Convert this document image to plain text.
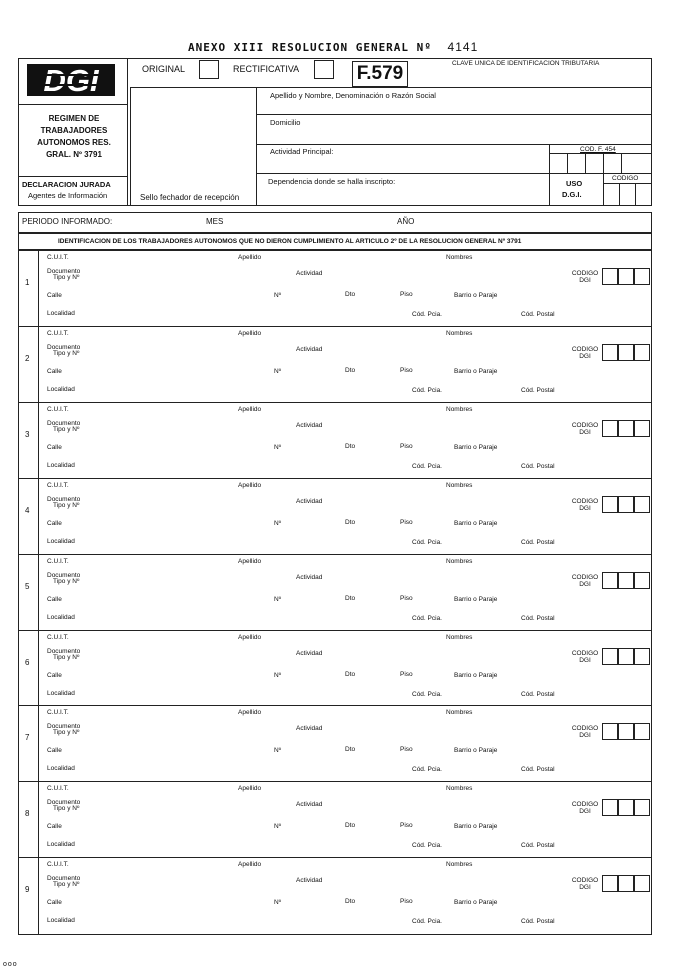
ANEXO XIII RESOLUCION GENERAL Nº 4141
DGI
REGIMEN DE
TRABAJADORES
AUTONOMOS RES.
GRAL. Nº 3791
DECLARACION JURADA
Agentes de Información
ORIGINAL	RECTIFICATIVA
Sello fechador de recepción
F.579	CLAVE UNICA DE IDENTIFICACION TRIBUTARIA
Apellido y Nombre, Denominación o Razón Social
Domicilio
Actividad Principal:	COD. F. 454
Dependencia donde se halla inscripto:	USO
D.G.I.
CODIGO
PERIODO INFORMADO:	MES	AÑO
IDENTIFICACION DE LOS TRABAJADORES AUTONOMOS QUE NO DIERON CUMPLIMIENTO AL ARTICULO 2º DE LA RESOLUCION GENERAL Nº 3791
1
C.U.I.T.	Apellido	Nombres
Documento
Tipo y Nº
Actividad
Calle	Nº	Dto	Piso	Barrio o Paraje
Localidad	Cód. Pcia.	Cód. Postal
CODIGO
DGI
2
C.U.I.T.	Apellido	Nombres
Documento
Tipo y Nº
Actividad
Calle	Nº	Dto	Piso	Barrio o Paraje
Localidad	Cód. Pcia.	Cód. Postal
CODIGO
DGI
3
C.U.I.T.	Apellido	Nombres
Documento
Tipo y Nº
Actividad
Calle	Nº	Dto	Piso	Barrio o Paraje
Localidad	Cód. Pcia.	Cód. Postal
CODIGO
DGI
4
C.U.I.T.	Apellido	Nombres
Documento
Tipo y Nº
Actividad
Calle	Nº	Dto	Piso	Barrio o Paraje
Localidad	Cód. Pcia.	Cód. Postal
CODIGO
DGI
5
C.U.I.T.	Apellido	Nombres
Documento
Tipo y Nº
Actividad
Calle	Nº	Dto	Piso	Barrio o Paraje
Localidad	Cód. Pcia.	Cód. Postal
CODIGO
DGI
6
C.U.I.T.	Apellido	Nombres
Documento
Tipo y Nº
Actividad
Calle	Nº	Dto	Piso	Barrio o Paraje
Localidad	Cód. Pcia.	Cód. Postal
CODIGO
DGI
7
C.U.I.T.	Apellido	Nombres
Documento
Tipo y Nº
Actividad
Calle	Nº	Dto	Piso	Barrio o Paraje
Localidad	Cód. Pcia.	Cód. Postal
CODIGO
DGI
8
C.U.I.T.	Apellido	Nombres
Documento
Tipo y Nº
Actividad
Calle	Nº	Dto	Piso	Barrio o Paraje
Localidad	Cód. Pcia.	Cód. Postal
CODIGO
DGI
9
C.U.I.T.	Apellido	Nombres
Documento
Tipo y Nº
Actividad
Calle	Nº	Dto	Piso	Barrio o Paraje
Localidad	Cód. Pcia.	Cód. Postal
CODIGO
DGI
ooo
